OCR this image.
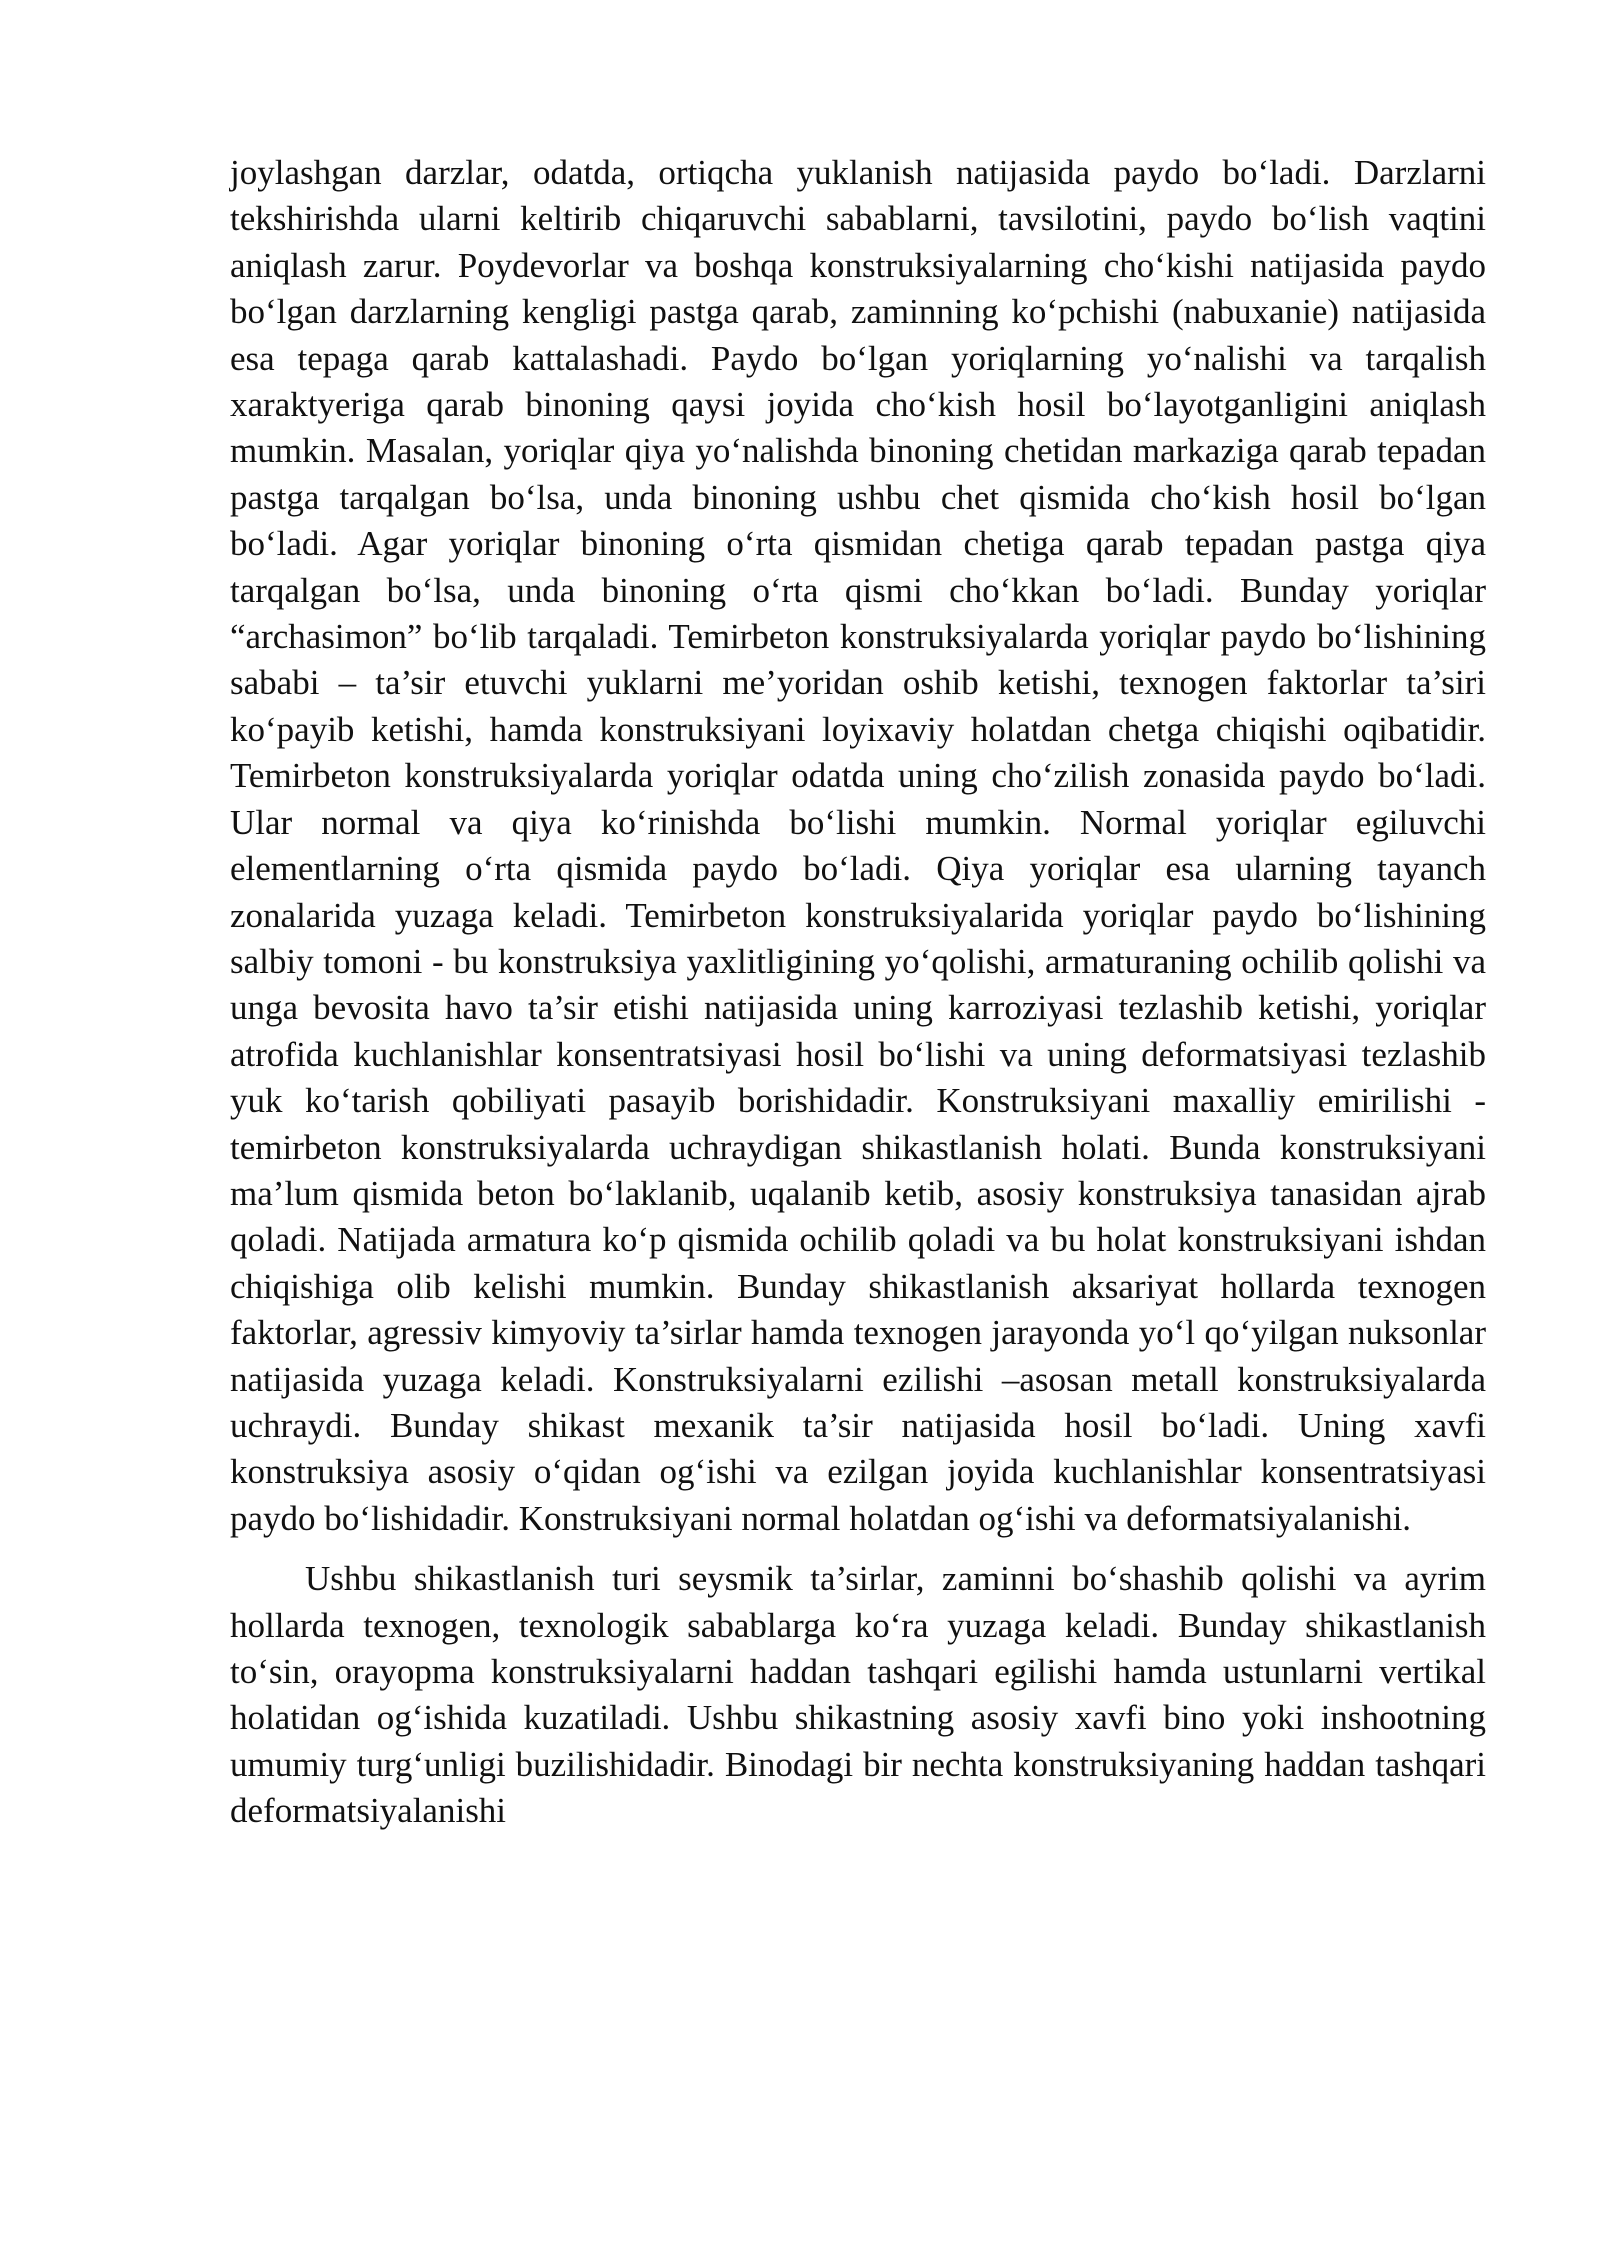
joylashgan darzlar, odatda, ortiqcha yuklanish natijasida paydo bo‘ladi. Darzlarni tekshirishda ularni keltirib chiqaruvchi sabablarni, tavsilotini, paydo bo‘lish vaqtini aniqlash zarur. Poydevorlar va boshqa konstruksiyalarning cho‘kishi natijasida paydo bo‘lgan darzlarning kengligi pastga qarab, zaminning ko‘pchishi (nabuxanie) natijasida esa tepaga qarab kattalashadi. Paydo bo‘lgan yoriqlarning yo‘nalishi va tarqalish xaraktyeriga qarab binoning qaysi joyida cho‘kish hosil bo‘layotganligini aniqlash mumkin. Masalan, yoriqlar qiya yo‘nalishda binoning chetidan markaziga qarab tepadan pastga tarqalgan bo‘lsa, unda binoning ushbu chet qismida cho‘kish hosil bo‘lgan bo‘ladi. Agar yoriqlar binoning o‘rta qismidan chetiga qarab tepadan pastga qiya tarqalgan bo‘lsa, unda binoning o‘rta qismi cho‘kkan bo‘ladi. Bunday yoriqlar “archasimon” bo‘lib tarqaladi. Temirbeton konstruksiyalarda yoriqlar paydo bo‘lishining sababi – ta’sir etuvchi yuklarni me’yoridan oshib ketishi, texnogen faktorlar ta’siri ko‘payib ketishi, hamda konstruksiyani loyixaviy holatdan chetga chiqishi oqibatidir. Temirbeton konstruksiyalarda yoriqlar odatda uning cho‘zilish zonasida paydo bo‘ladi. Ular normal va qiya ko‘rinishda bo‘lishi mumkin. Normal yoriqlar egiluvchi elementlarning o‘rta qismida paydo bo‘ladi. Qiya yoriqlar esa ularning tayanch zonalarida yuzaga keladi. Temirbeton konstruksiyalarida yoriqlar paydo bo‘lishining salbiy tomoni - bu konstruksiya yaxlitligining yo‘qolishi, armaturaning ochilib qolishi va unga bevosita havo ta’sir etishi natijasida uning karroziyasi tezlashib ketishi, yoriqlar atrofida kuchlanishlar konsentratsiyasi hosil bo‘lishi va uning deformatsiyasi tezlashib yuk ko‘tarish qobiliyati pasayib borishidadir. Konstruksiyani maxalliy emirilishi - temirbeton konstruksiyalarda uchraydigan shikastlanish holati. Bunda konstruksiyani ma’lum qismida beton bo‘laklanib, uqalanib ketib, asosiy konstruksiya tanasidan ajrab qoladi. Natijada armatura ko‘p qismida ochilib qoladi va bu holat konstruksiyani ishdan chiqishiga olib kelishi mumkin. Bunday shikastlanish aksariyat hollarda texnogen faktorlar, agressiv kimyoviy ta’sirlar hamda texnogen jarayonda yo‘l qo‘yilgan nuksonlar natijasida yuzaga keladi. Konstruksiyalarni ezilishi –asosan metall konstruksiyalarda uchraydi. Bunday shikast mexanik ta’sir natijasida hosil bo‘ladi. Uning xavfi konstruksiya asosiy o‘qidan og‘ishi va ezilgan joyida kuchlanishlar konsentratsiyasi paydo bo‘lishidadir. Konstruksiyani normal holatdan og‘ishi va deformatsiyalanishi.

Ushbu shikastlanish turi seysmik ta’sirlar, zaminni bo‘shashib qolishi va ayrim hollarda texnogen, texnologik sabablarga ko‘ra yuzaga keladi. Bunday shikastlanish to‘sin, orayopma konstruksiyalarni haddan tashqari egilishi hamda ustunlarni vertikal holatidan og‘ishida kuzatiladi. Ushbu shikastning asosiy xavfi bino yoki inshootning umumiy turg‘unligi buzilishidadir. Binodagi bir nechta konstruksiyaning haddan tashqari deformatsiyalanishi
